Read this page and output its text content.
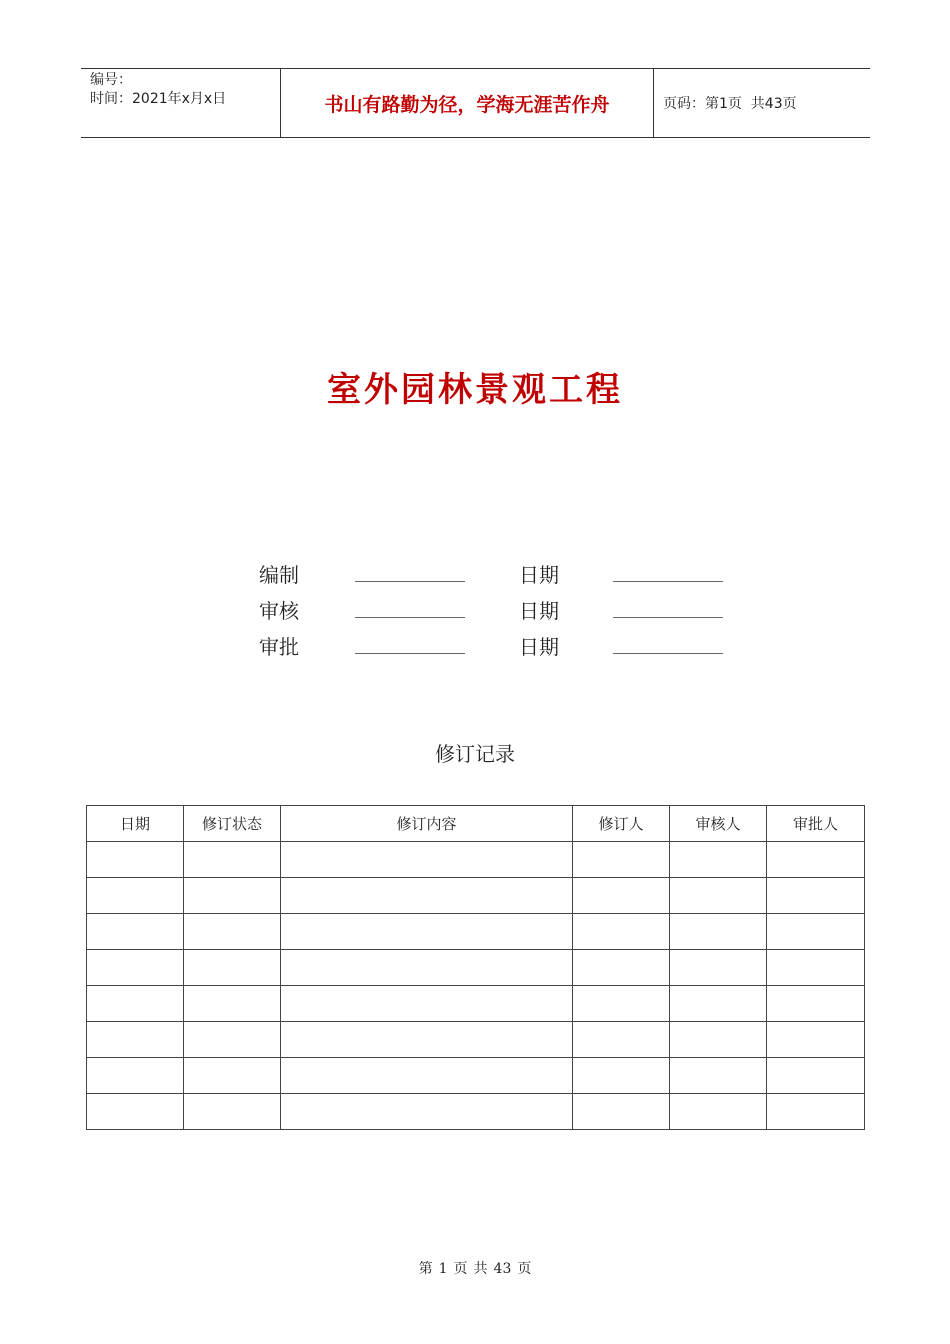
编号：
时间：2021年x月x日	书山有路勤为径，学海无涯苦作舟	页码：第1页  共43页
室外园林景观工程
编制	日期
审核	日期
审批	日期
修订记录
日期	修订状态	修订内容	修订人	审核人	审批人

第 1 页 共 43 页
